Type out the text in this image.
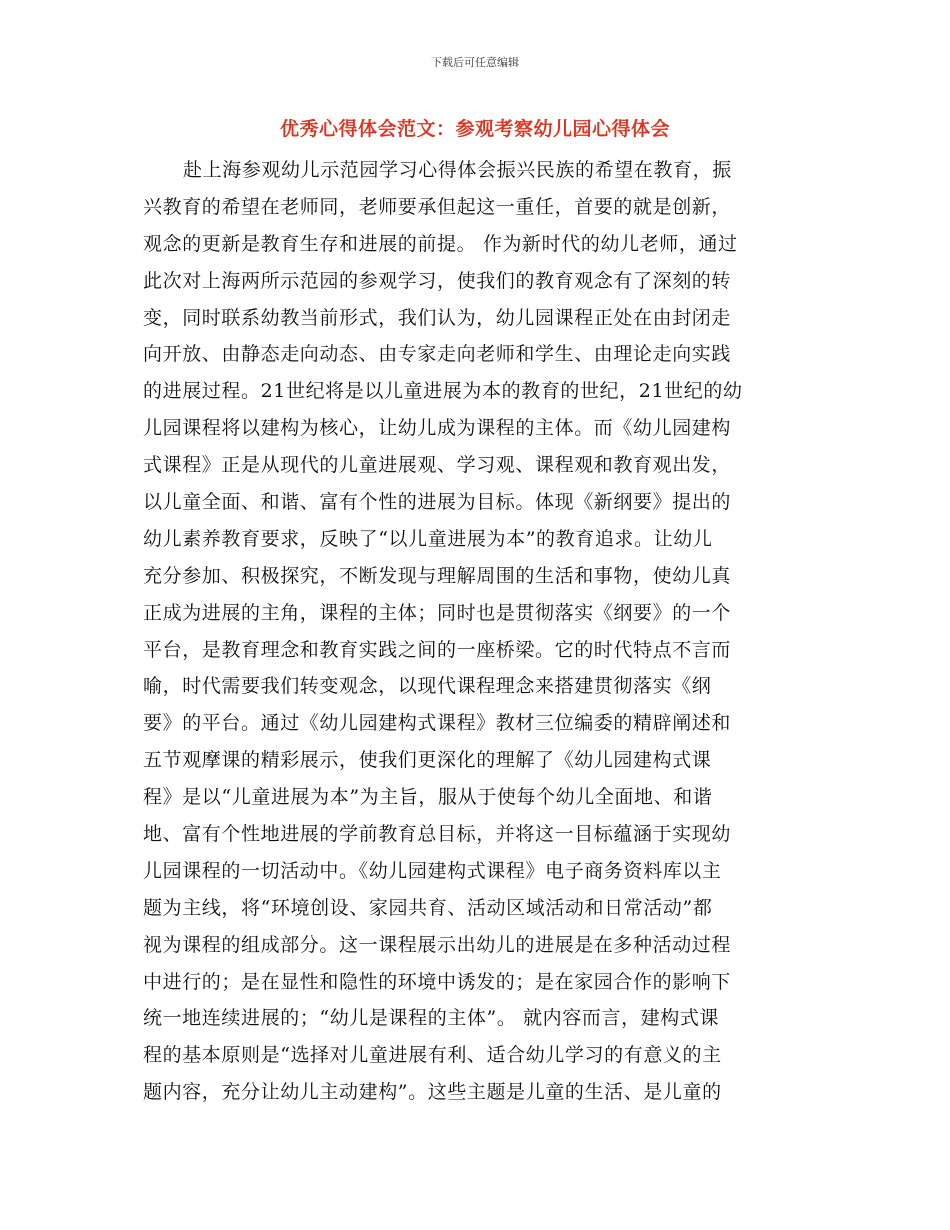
下载后可任意编辑
优秀心得体会范文：参观考察幼儿园心得体会
赴上海参观幼儿示范园学习心得体会振兴民族的希望在教育，振
兴教育的希望在老师同，老师要承但起这一重任，首要的就是创新，
观念的更新是教育生存和进展的前提。 作为新时代的幼儿老师，通过
此次对上海两所示范园的参观学习，使我们的教育观念有了深刻的转
变，同时联系幼教当前形式，我们认为，幼儿园课程正处在由封闭走
向开放、由静态走向动态、由专家走向老师和学生、由理论走向实践
的进展过程。21世纪将是以儿童进展为本的教育的世纪，21世纪的幼
儿园课程将以建构为核心，让幼儿成为课程的主体。而《幼儿园建构
式课程》正是从现代的儿童进展观、学习观、课程观和教育观出发，
以儿童全面、和谐、富有个性的进展为目标。体现《新纲要》提出的
幼儿素养教育要求，反映了“以儿童进展为本”的教育追求。让幼儿
充分参加、积极探究，不断发现与理解周围的生活和事物，使幼儿真
正成为进展的主角，课程的主体；同时也是贯彻落实《纲要》的一个
平台，是教育理念和教育实践之间的一座桥梁。它的时代特点不言而
喻，时代需要我们转变观念，以现代课程理念来搭建贯彻落实《纲
要》的平台。通过《幼儿园建构式课程》教材三位编委的精辟阐述和
五节观摩课的精彩展示，使我们更深化的理解了《幼儿园建构式课
程》是以“儿童进展为本”为主旨，服从于使每个幼儿全面地、和谐
地、富有个性地进展的学前教育总目标，并将这一目标蕴涵于实现幼
儿园课程的一切活动中。《幼儿园建构式课程》电子商务资料库以主
题为主线，将“环境创设、家园共育、活动区域活动和日常活动”都
视为课程的组成部分。这一课程展示出幼儿的进展是在多种活动过程
中进行的；是在显性和隐性的环境中诱发的；是在家园合作的影响下
统一地连续进展的；“幼儿是课程的主体”。 就内容而言，建构式课
程的基本原则是“选择对儿童进展有利、适合幼儿学习的有意义的主
题内容，充分让幼儿主动建构”。这些主题是儿童的生活、是儿童的
